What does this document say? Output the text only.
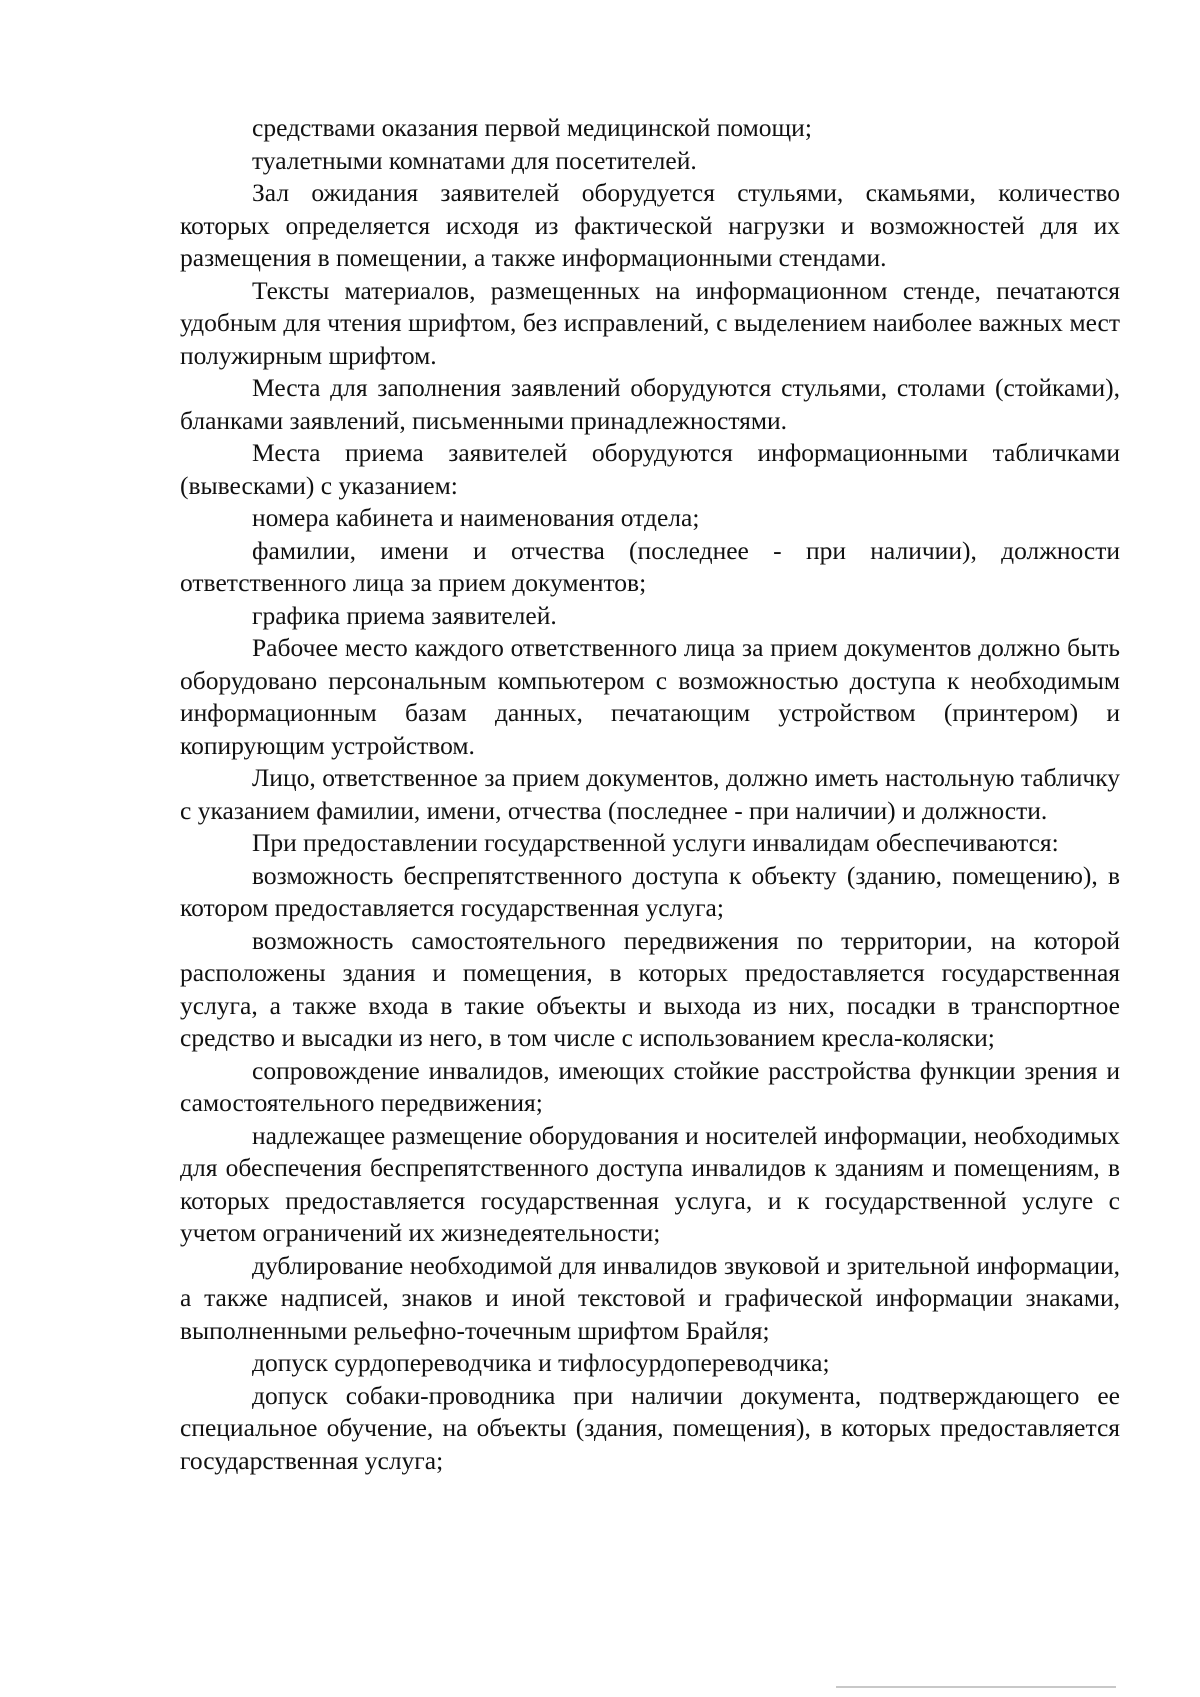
средствами оказания первой медицинской помощи;

туалетными комнатами для посетителей.

Зал ожидания заявителей оборудуется стульями, скамьями, количество которых определяется исходя из фактической нагрузки и возможностей для их размещения в помещении, а также информационными стендами.

Тексты материалов, размещенных на информационном стенде, печатаются удобным для чтения шрифтом, без исправлений, с выделением наиболее важных мест полужирным шрифтом.

Места для заполнения заявлений оборудуются стульями, столами (стойками), бланками заявлений, письменными принадлежностями.

Места приема заявителей оборудуются информационными табличками (вывесками) с указанием:

номера кабинета и наименования отдела;

фамилии, имени и отчества (последнее - при наличии), должности ответственного лица за прием документов;

графика приема заявителей.

Рабочее место каждого ответственного лица за прием документов должно быть оборудовано персональным компьютером с возможностью доступа к необходимым информационным базам данных, печатающим устройством (принтером) и копирующим устройством.

Лицо, ответственное за прием документов, должно иметь настольную табличку с указанием фамилии, имени, отчества (последнее - при наличии) и должности.

При предоставлении государственной услуги инвалидам обеспечиваются:

возможность беспрепятственного доступа к объекту (зданию, помещению), в котором предоставляется государственная услуга;

возможность самостоятельного передвижения по территории, на которой расположены здания и помещения, в которых предоставляется государственная услуга, а также входа в такие объекты и выхода из них, посадки в транспортное средство и высадки из него, в том числе с использованием кресла-коляски;

сопровождение инвалидов, имеющих стойкие расстройства функции зрения и самостоятельного передвижения;

надлежащее размещение оборудования и носителей информации, необходимых для обеспечения беспрепятственного доступа инвалидов к зданиям и помещениям, в которых предоставляется государственная услуга, и к государственной услуге с учетом ограничений их жизнедеятельности;

дублирование необходимой для инвалидов звуковой и зрительной информации, а также надписей, знаков и иной текстовой и графической информации знаками, выполненными рельефно-точечным шрифтом Брайля;

допуск сурдопереводчика и тифлосурдопереводчика;

допуск собаки-проводника при наличии документа, подтверждающего ее специальное обучение, на объекты (здания, помещения), в которых предоставляется государственная услуга;
